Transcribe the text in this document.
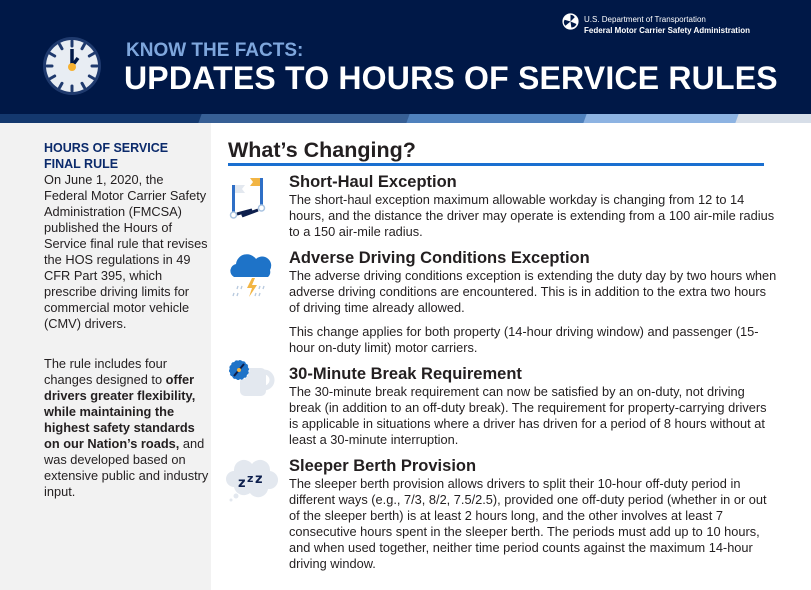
U.S. Department of Transportation
Federal Motor Carrier Safety Administration
KNOW THE FACTS:
UPDATES TO HOURS OF SERVICE RULES
HOURS OF SERVICE FINAL RULE
On June 1, 2020, the Federal Motor Carrier Safety Administration (FMCSA) published the Hours of Service final rule that revises the HOS regulations in 49 CFR Part 395, which prescribe driving limits for commercial motor vehicle (CMV) drivers.
The rule includes four changes designed to offer drivers greater flexibility, while maintaining the highest safety standards on our Nation’s roads, and was developed based on extensive public and industry input.
What’s Changing?
Short-Haul Exception
The short-haul exception maximum allowable workday is changing from 12 to 14 hours, and the distance the driver may operate is extending from a 100 air-mile radius to a 150 air-mile radius.
Adverse Driving Conditions Exception
The adverse driving conditions exception is extending the duty day by two hours when adverse driving conditions are encountered. This is in addition to the extra two hours of driving time already allowed.
This change applies for both property (14-hour driving window) and passenger (15-hour on-duty limit) motor carriers.
30-Minute Break Requirement
The 30-minute break requirement can now be satisfied by an on-duty, not driving break (in addition to an off-duty break). The requirement for property-carrying drivers is applicable in situations where a driver has driven for a period of 8 hours without at least a 30-minute interruption.
z z z
Sleeper Berth Provision
The sleeper berth provision allows drivers to split their 10-hour off-duty period in different ways (e.g., 7/3, 8/2, 7.5/2.5), provided one off-duty period (whether in or out of the sleeper berth) is at least 2 hours long, and the other involves at least 7 consecutive hours spent in the sleeper berth. The periods must add up to 10 hours, and when used together, neither time period counts against the maximum 14-hour driving window.
